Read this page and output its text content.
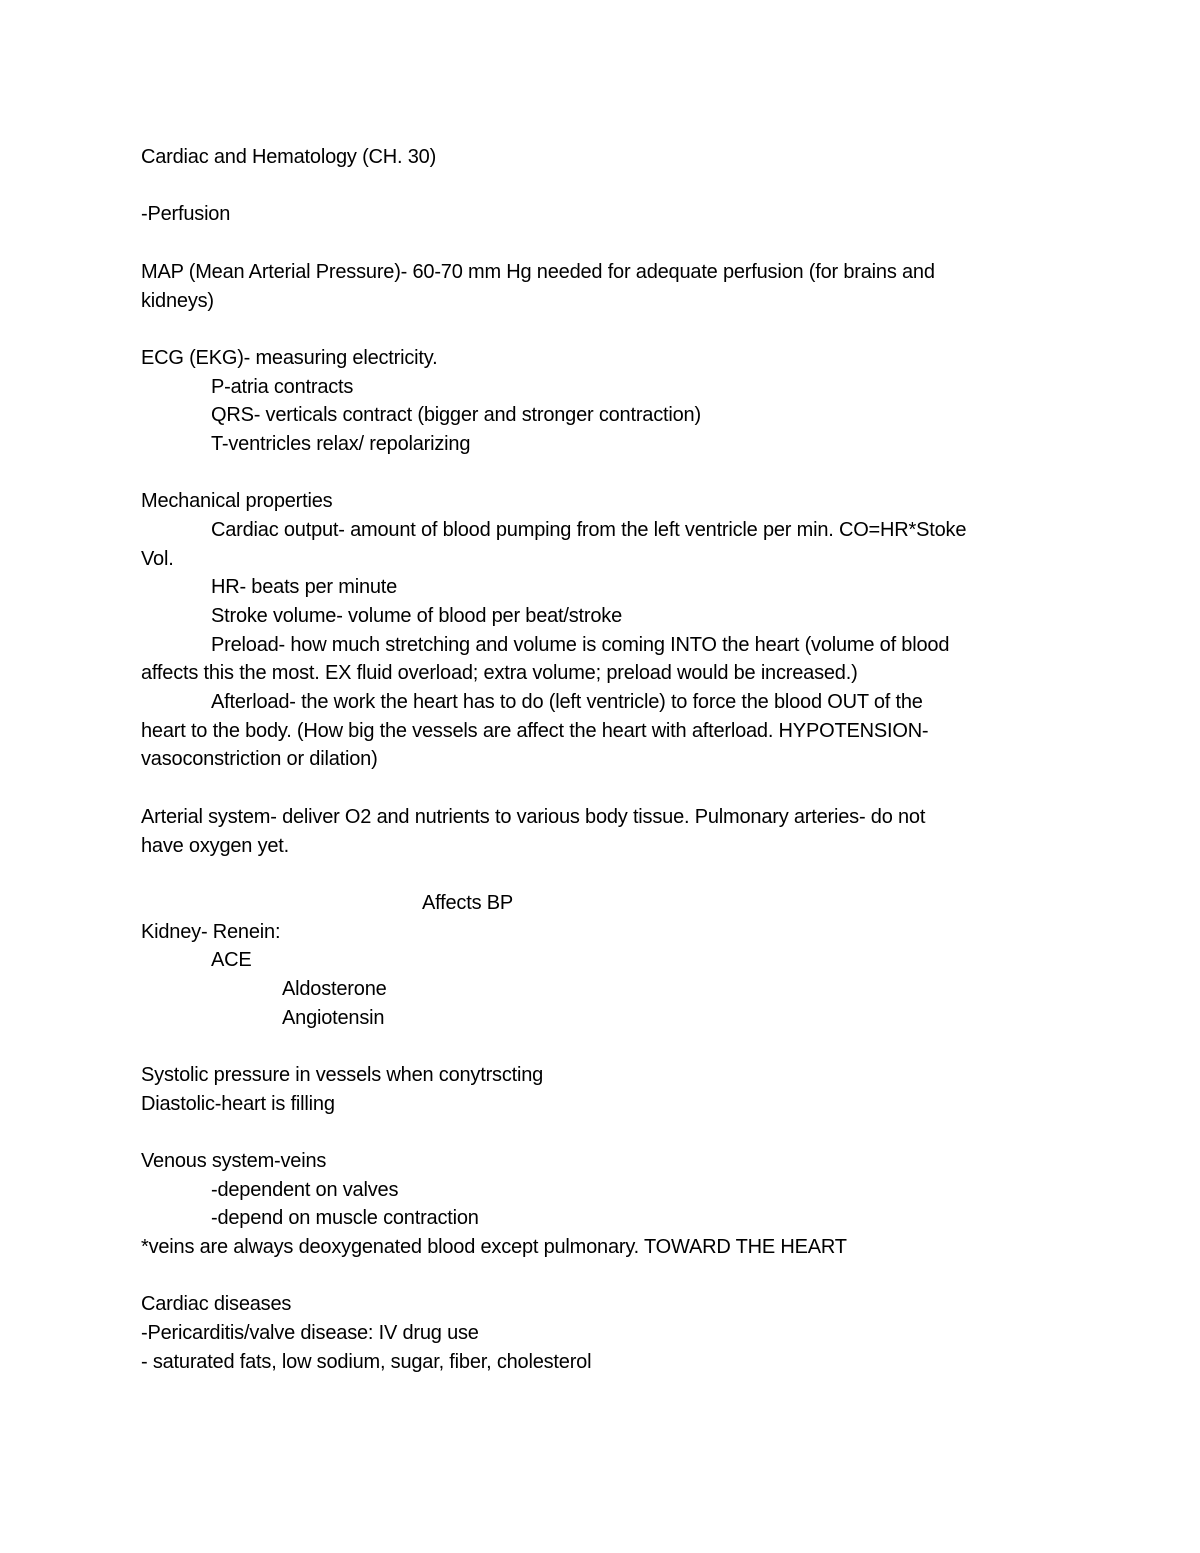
Cardiac and Hematology (CH. 30)
-Perfusion
MAP (Mean Arterial Pressure)- 60-70 mm Hg needed for adequate perfusion (for brains and
kidneys)
ECG (EKG)- measuring electricity.
P-atria contracts
QRS- verticals contract (bigger and stronger contraction)
T-ventricles relax/ repolarizing
Mechanical properties
Cardiac output- amount of blood pumping from the left ventricle per min. CO=HR*Stoke
Vol.
HR- beats per minute
Stroke volume- volume of blood per beat/stroke
Preload- how much stretching and volume is coming INTO the heart (volume of blood
affects this the most. EX fluid overload; extra volume; preload would be increased.)
Afterload- the work the heart has to do (left ventricle) to force the blood OUT of the
heart to the body. (How big the vessels are affect the heart with afterload. HYPOTENSION-
vasoconstriction or dilation)
Arterial system- deliver O2 and nutrients to various body tissue. Pulmonary arteries- do not
have oxygen yet.
Affects BP
Kidney- Renein:
ACE
Aldosterone
Angiotensin
Systolic pressure in vessels when conytrscting
Diastolic-heart is filling
Venous system-veins
-dependent on valves
-depend on muscle contraction
*veins are always deoxygenated blood except pulmonary. TOWARD THE HEART
Cardiac diseases
-Pericarditis/valve disease: IV drug use
- saturated fats, low sodium, sugar, fiber, cholesterol
